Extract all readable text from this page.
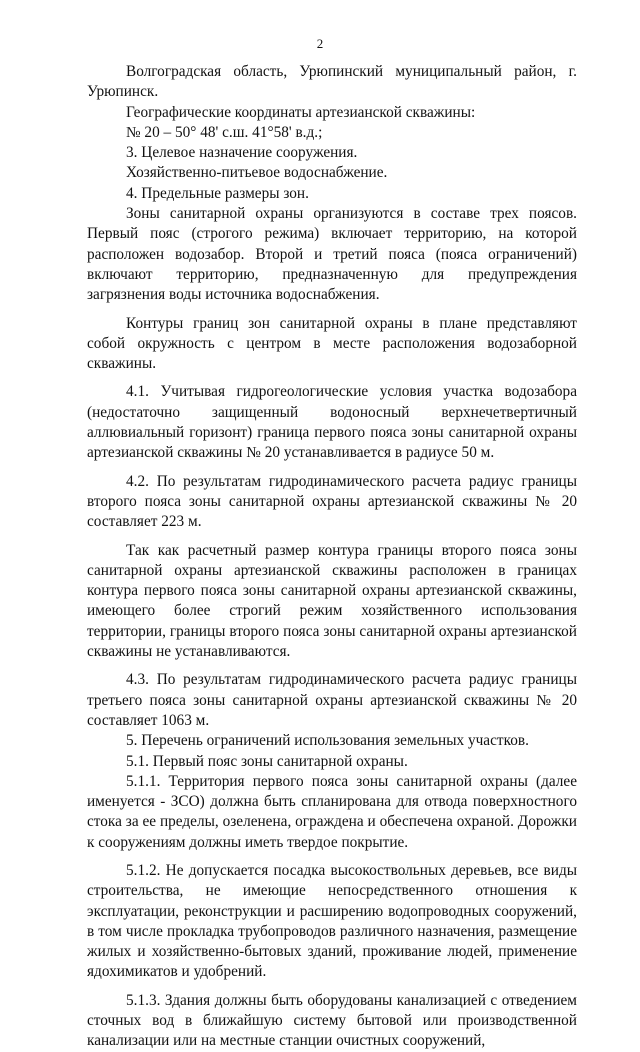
2

Волгоградская область, Урюпинский муниципальный район, г. Урюпинск.

Географические координаты артезианской скважины:

№ 20 – 50° 48' с.ш. 41°58' в.д.;

3. Целевое назначение сооружения.

Хозяйственно-питьевое водоснабжение.

4. Предельные размеры зон.

Зоны санитарной охраны организуются в составе трех поясов. Первый пояс (строгого режима) включает территорию, на которой расположен водозабор. Второй и третий пояса (пояса ограничений) включают территорию, предназначенную для предупреждения загрязнения воды источника водоснабжения.

Контуры границ зон санитарной охраны в плане представляют собой окружность с центром в месте расположения водозаборной скважины.

4.1. Учитывая гидрогеологические условия участка водозабора (недостаточно защищенный водоносный верхнечетвертичный аллювиальный горизонт) граница первого пояса зоны санитарной охраны артезианской скважины № 20 устанавливается в радиусе 50 м.

4.2. По результатам гидродинамического расчета радиус границы второго пояса зоны санитарной охраны артезианской скважины № 20 составляет 223 м.

Так как расчетный размер контура границы второго пояса зоны санитарной охраны артезианской скважины расположен в границах контура первого пояса зоны санитарной охраны артезианской скважины, имеющего более строгий режим хозяйственного использования территории, границы второго пояса зоны санитарной охраны артезианской скважины не устанавливаются.

4.3. По результатам гидродинамического расчета радиус границы третьего пояса зоны санитарной охраны артезианской скважины № 20 составляет 1063 м.

5. Перечень ограничений использования земельных участков.

5.1. Первый пояс зоны санитарной охраны.

5.1.1. Территория первого пояса зоны санитарной охраны (далее именуется - ЗСО) должна быть спланирована для отвода поверхностного стока за ее пределы, озеленена, ограждена и обеспечена охраной. Дорожки к сооружениям должны иметь твердое покрытие.

5.1.2. Не допускается посадка высокоствольных деревьев, все виды строительства, не имеющие непосредственного отношения к эксплуатации, реконструкции и расширению водопроводных сооружений, в том числе прокладка трубопроводов различного назначения, размещение жилых и хозяйственно-бытовых зданий, проживание людей, применение ядохимикатов и удобрений.

5.1.3. Здания должны быть оборудованы канализацией с отведением сточных вод в ближайшую систему бытовой или производственной канализации или на местные станции очистных сооружений,
